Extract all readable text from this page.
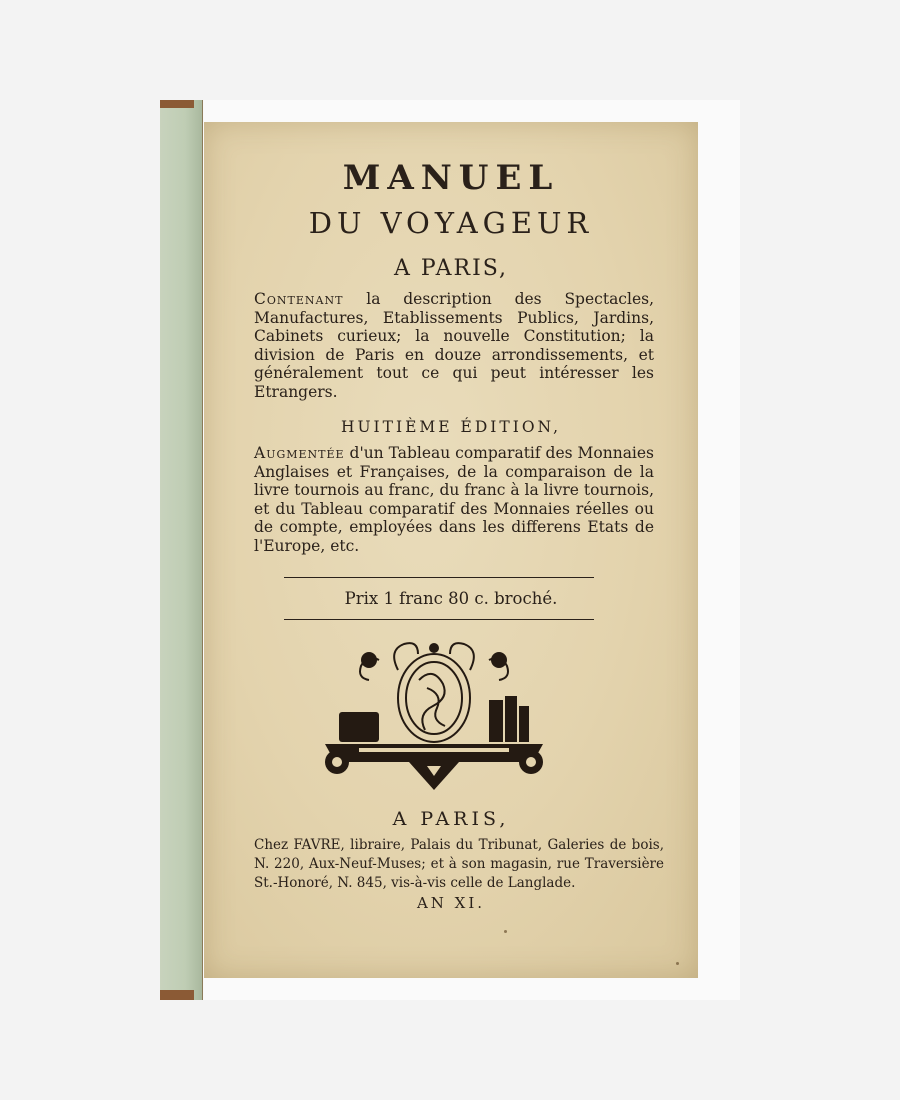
MANUEL
DU VOYAGEUR
A PARIS,
Contenant la description des Spectacles, Manufactures, Etablissements Publics, Jardins, Cabinets curieux; la nouvelle Constitution; la division de Paris en douze arrondissements, et généralement tout ce qui peut intéresser les Etrangers.
HUITIÈME ÉDITION,
Augmentée d'un Tableau comparatif des Monnaies Anglaises et Françaises, de la comparaison de la livre tournois au franc, du franc à la livre tournois, et du Tableau comparatif des Monnaies réelles ou de compte, employées dans les differens Etats de l'Europe, etc.
Prix 1 franc 80 c. broché.
A PARIS,
Chez FAVRE, libraire, Palais du Tribunat, Galeries de bois, N. 220, Aux-Neuf-Muses; et à son magasin, rue Traversière St.-Honoré, N. 845, vis-à-vis celle de Langlade.
AN XI.
